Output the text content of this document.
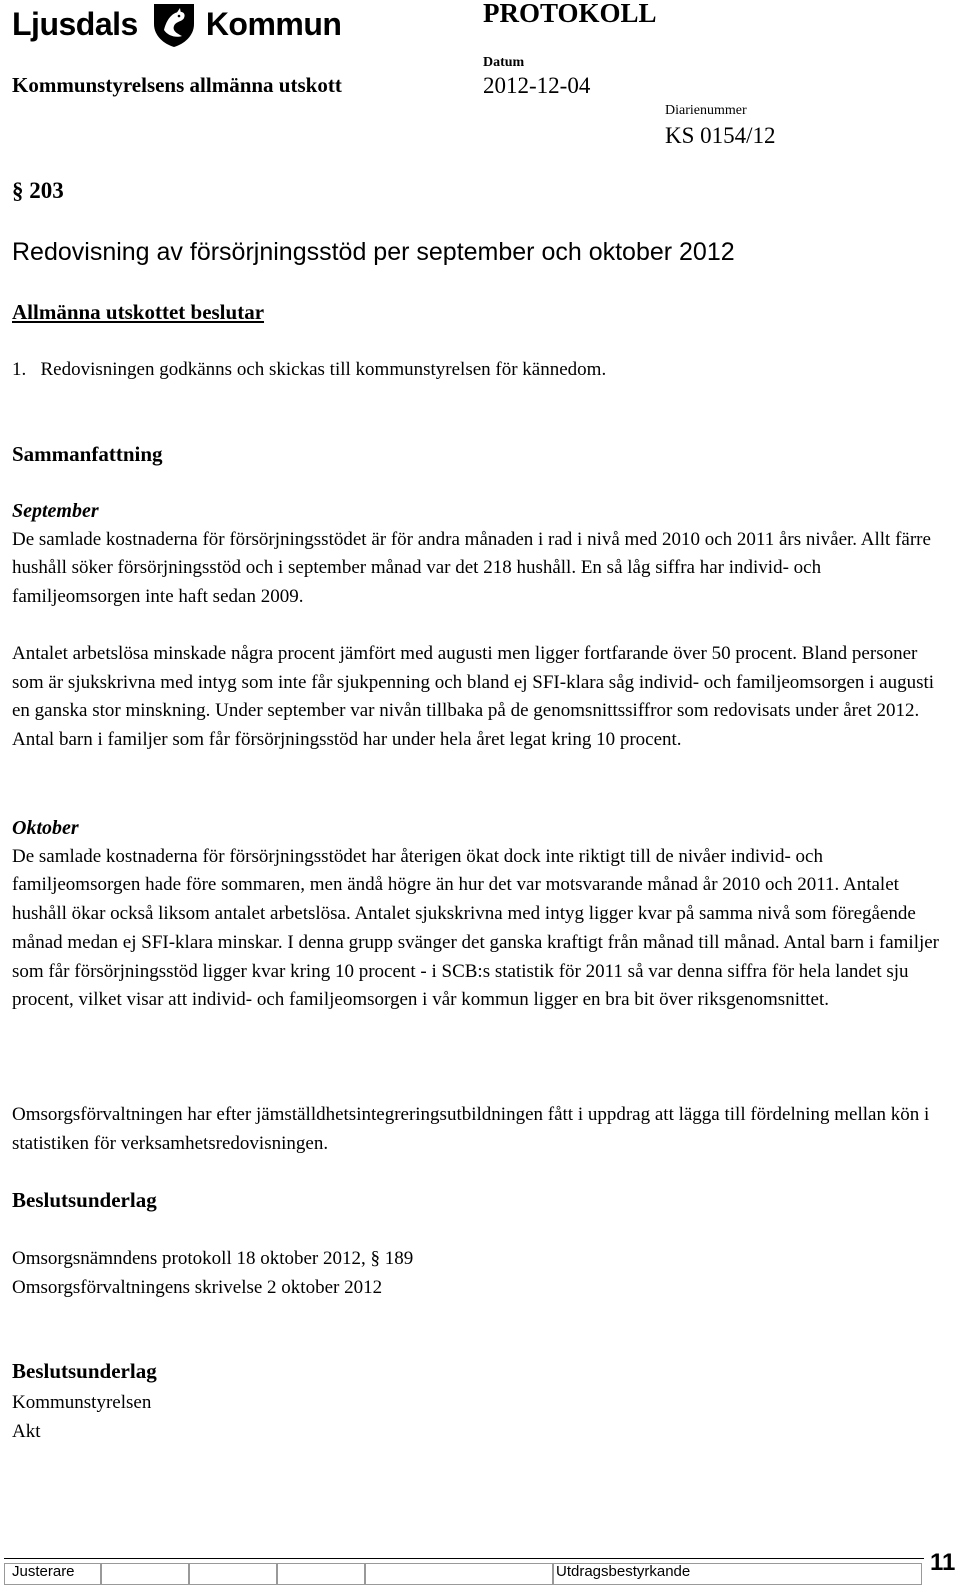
Ljusdals Kommun	PROTOKOLL
Kommunstyrelsens allmänna utskott
Datum
2012-12-04
Diarienummer
KS 0154/12
§ 203
Redovisning av försörjningsstöd per september och oktober 2012
Allmänna utskottet beslutar
1.   Redovisningen godkänns och skickas till kommunstyrelsen för kännedom.
Sammanfattning
September
De samlade kostnaderna för försörjningsstödet är för andra månaden i rad i nivå med 2010 och 2011 års nivåer. Allt färre hushåll söker försörjningsstöd och i september månad var det 218 hushåll. En så låg siffra har individ- och familjeomsorgen inte haft sedan 2009.
Antalet arbetslösa minskade några procent jämfört med augusti men ligger fortfarande över 50 procent. Bland personer som är sjukskrivna med intyg som inte får sjukpenning och bland ej SFI-klara såg individ- och familjeomsorgen i augusti en ganska stor minskning. Under september var nivån tillbaka på de genomsnittssiffror som redovisats under året 2012. Antal barn i familjer som får försörjningsstöd har under hela året legat kring 10 procent.
Oktober
De samlade kostnaderna för försörjningsstödet har återigen ökat dock inte riktigt till de nivåer individ- och familjeomsorgen hade före sommaren, men ändå högre än hur det var motsvarande månad år 2010 och 2011. Antalet hushåll ökar också liksom antalet arbetslösa. Antalet sjukskrivna med intyg ligger kvar på samma nivå som föregående månad medan ej SFI-klara minskar. I denna grupp svänger det ganska kraftigt från månad till månad. Antal barn i familjer som får försörjningsstöd ligger kvar kring 10 procent - i SCB:s statistik för 2011 så var denna siffra för hela landet sju procent, vilket visar att individ- och familjeomsorgen i vår kommun ligger en bra bit över riksgenomsnittet.
Omsorgsförvaltningen har efter jämställdhetsintegreringsutbildningen fått i uppdrag att lägga till fördelning mellan kön i statistiken för verksamhetsredovisningen.
Beslutsunderlag
Omsorgsnämndens protokoll 18 oktober 2012, § 189
Omsorgsförvaltningens skrivelse 2 oktober 2012
Beslutsunderlag
Kommunstyrelsen
Akt
Justerare	Utdragsbestyrkande	11
